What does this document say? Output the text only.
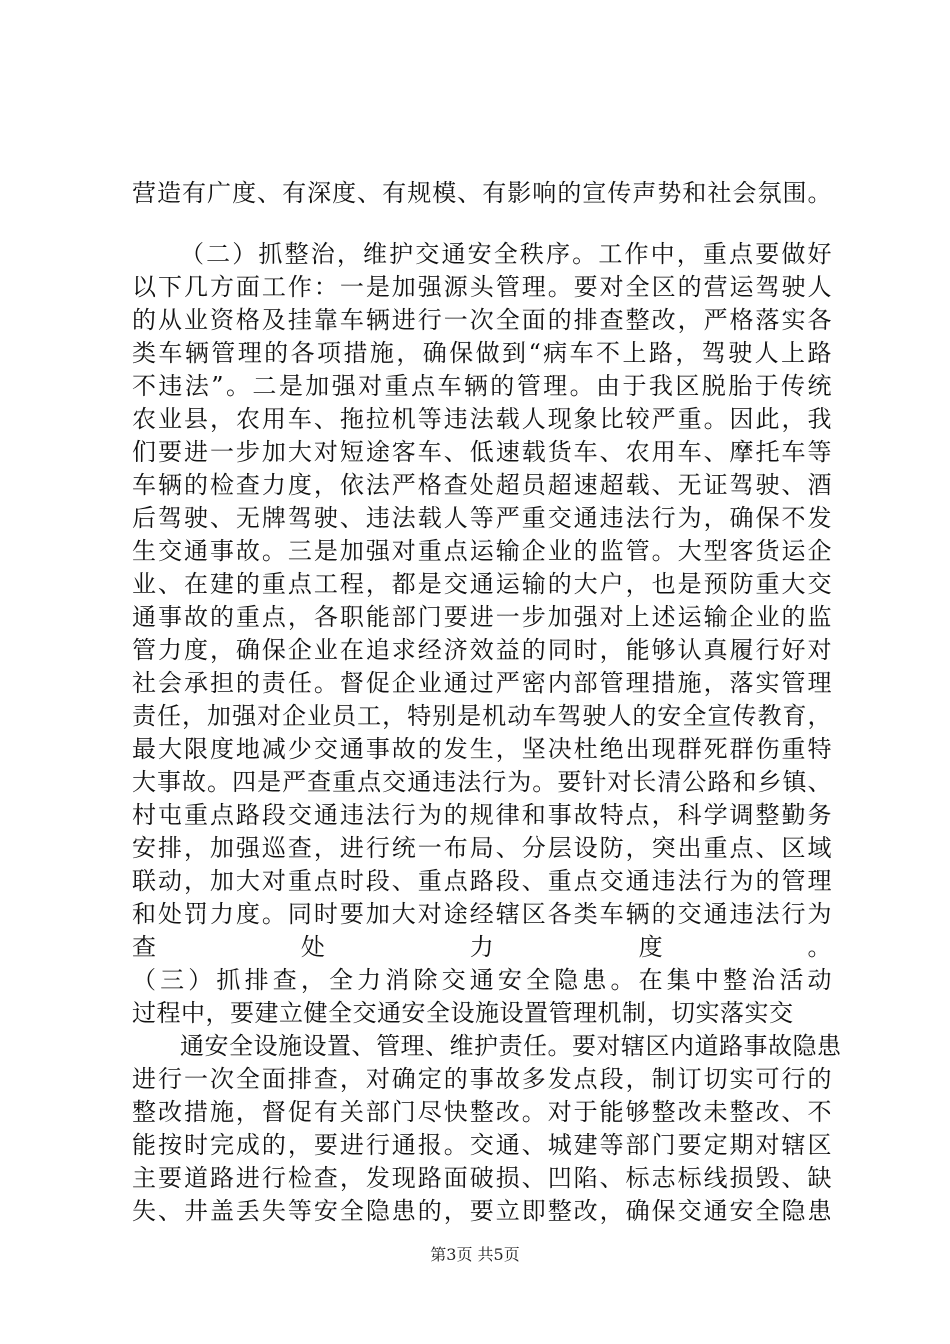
营造有广度、有深度、有规模、有影响的宣传声势和社会氛围。
（二）抓整治，维护交通安全秩序。工作中，重点要做好
以下几方面工作：一是加强源头管理。要对全区的营运驾驶人
的从业资格及挂靠车辆进行一次全面的排查整改，严格落实各
类车辆管理的各项措施，确保做到“病车不上路，驾驶人上路
不违法”。二是加强对重点车辆的管理。由于我区脱胎于传统
农业县，农用车、拖拉机等违法载人现象比较严重。因此，我
们要进一步加大对短途客车、低速载货车、农用车、摩托车等
车辆的检查力度，依法严格查处超员超速超载、无证驾驶、酒
后驾驶、无牌驾驶、违法载人等严重交通违法行为，确保不发
生交通事故。三是加强对重点运输企业的监管。大型客货运企
业、在建的重点工程，都是交通运输的大户，也是预防重大交
通事故的重点，各职能部门要进一步加强对上述运输企业的监
管力度，确保企业在追求经济效益的同时，能够认真履行好对
社会承担的责任。督促企业通过严密内部管理措施，落实管理
责任，加强对企业员工，特别是机动车驾驶人的安全宣传教育，
最大限度地减少交通事故的发生，坚决杜绝出现群死群伤重特
大事故。四是严查重点交通违法行为。要针对长清公路和乡镇、
村屯重点路段交通违法行为的规律和事故特点，科学调整勤务
安排，加强巡查，进行统一布局、分层设防，突出重点、区域
联动，加大对重点时段、重点路段、重点交通违法行为的管理
和处罚力度。同时要加大对途经辖区各类车辆的交通违法行为
查处力度。
（三）抓排查，全力消除交通安全隐患。在集中整治活动
过程中，要建立健全交通安全设施设置管理机制，切实落实交
通安全设施设置、管理、维护责任。要对辖区内道路事故隐患
进行一次全面排查，对确定的事故多发点段，制订切实可行的
整改措施，督促有关部门尽快整改。对于能够整改未整改、不
能按时完成的，要进行通报。交通、城建等部门要定期对辖区
主要道路进行检查，发现路面破损、凹陷、标志标线损毁、缺
失、井盖丢失等安全隐患的，要立即整改，确保交通安全隐患
第3页 共5页
